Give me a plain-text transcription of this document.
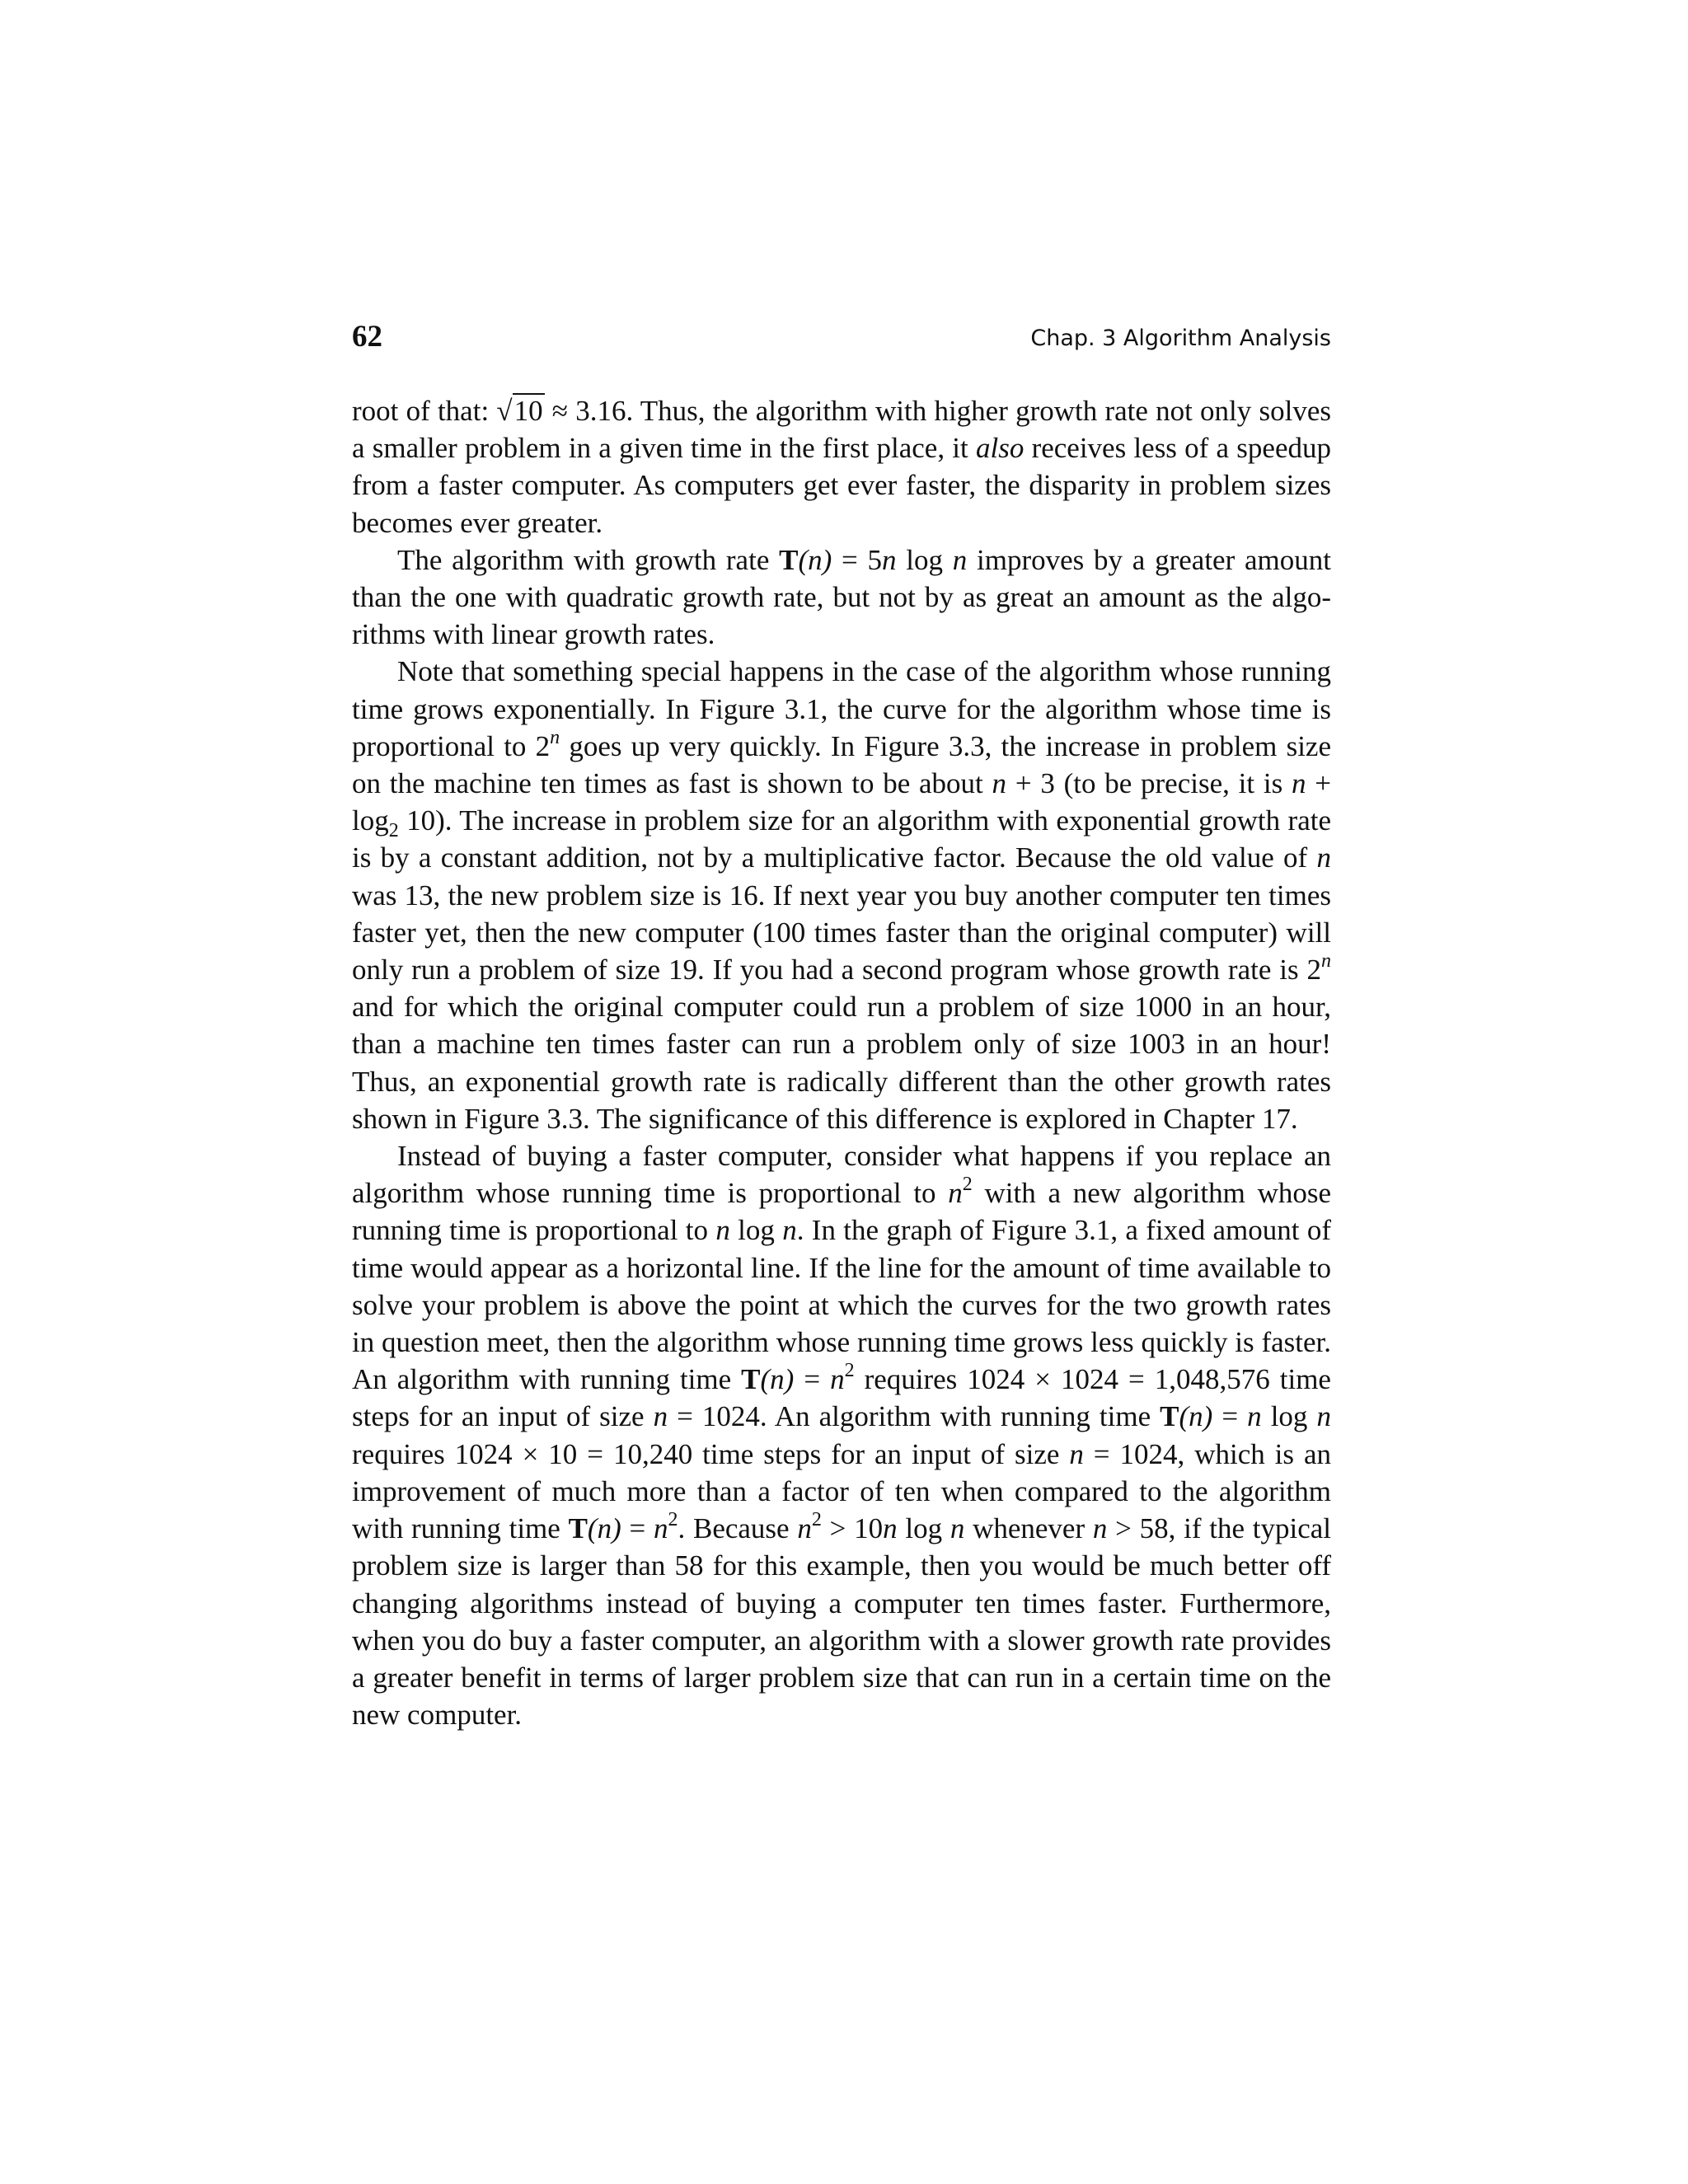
62	Chap. 3 Algorithm Analysis

root of that: √10 ≈ 3.16. Thus, the algorithm with higher growth rate not only solves a smaller problem in a given time in the first place, it also receives less of a speedup from a faster computer. As computers get ever faster, the disparity in problem sizes becomes ever greater.

The algorithm with growth rate T(n) = 5n log n improves by a greater amount than the one with quadratic growth rate, but not by as great an amount as the algo-rithms with linear growth rates.

Note that something special happens in the case of the algorithm whose running time grows exponentially. In Figure 3.1, the curve for the algorithm whose time is proportional to 2$^n$ goes up very quickly. In Figure 3.3, the increase in problem size on the machine ten times as fast is shown to be about n + 3 (to be precise, it is $n + \log_2 10$). The increase in problem size for an algorithm with exponential growth rate is by a constant addition, not by a multiplicative factor. Because the old value of n was 13, the new problem size is 16. If next year you buy another computer ten times faster yet, then the new computer (100 times faster than the original computer) will only run a problem of size 19. If you had a second program whose growth rate is 2$^n$ and for which the original computer could run a problem of size 1000 in an hour, than a machine ten times faster can run a problem only of size 1003 in an hour! Thus, an exponential growth rate is radically different than the other growth rates shown in Figure 3.3. The significance of this difference is explored in Chapter 17.

Instead of buying a faster computer, consider what happens if you replace an algorithm whose running time is proportional to $n^2$ with a new algorithm whose running time is proportional to n log n. In the graph of Figure 3.1, a fixed amount of time would appear as a horizontal line. If the line for the amount of time available to solve your problem is above the point at which the curves for the two growth rates in question meet, then the algorithm whose running time grows less quickly is faster. An algorithm with running time $T(n) = n^2$ requires 1024 × 1024 = 1,048,576 time steps for an input of size n = 1024. An algorithm with running time T(n) = n log n requires 1024 × 10 = 10,240 time steps for an input of size n = 1024, which is an improvement of much more than a factor of ten when compared to the algorithm with running time $T(n) = n^2$. Because $n^2 > 10n$ log n whenever n > 58, if the typical problem size is larger than 58 for this example, then you would be much better off changing algorithms instead of buying a computer ten times faster. Furthermore, when you do buy a faster computer, an algorithm with a slower growth rate provides a greater benefit in terms of larger problem size that can run in a certain time on the new computer.
